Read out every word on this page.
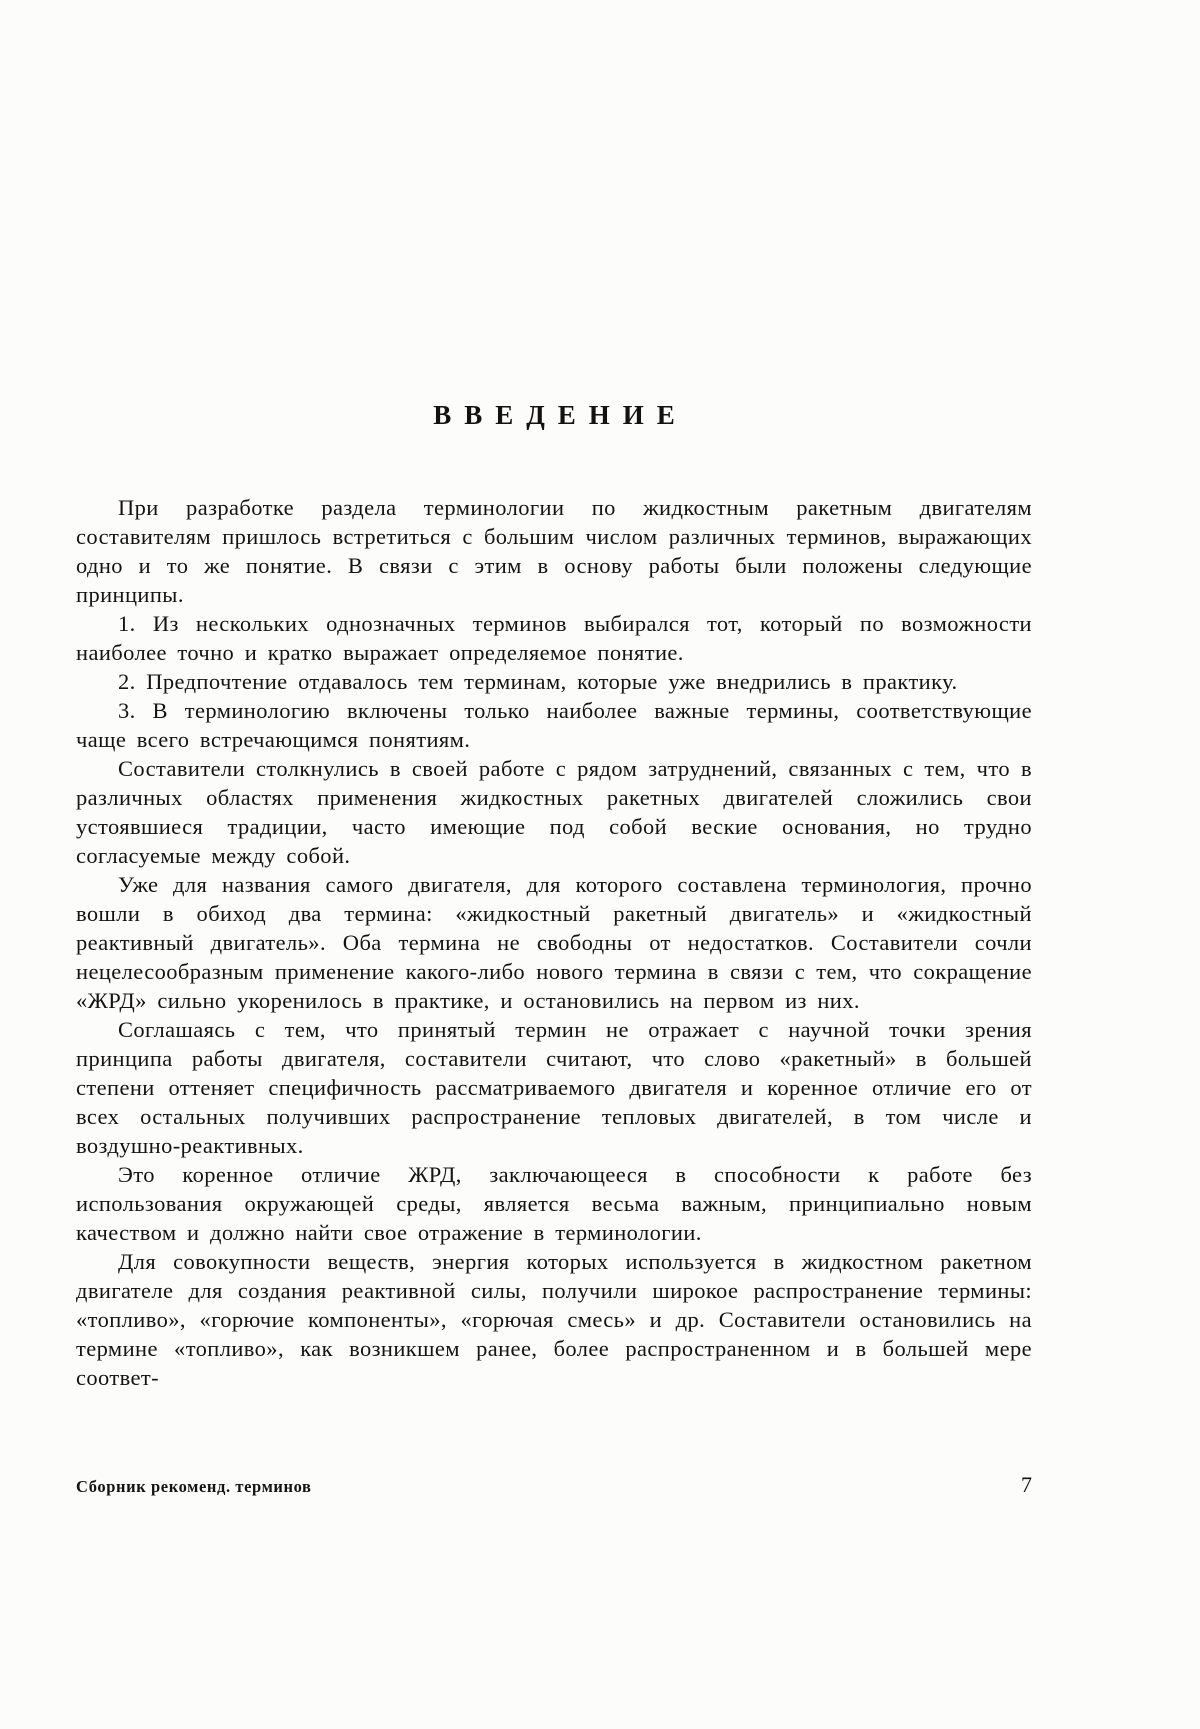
ВВЕДЕНИЕ

При разработке раздела терминологии по жидкостным ракетным двигателям составителям пришлось встретиться с большим числом различных терминов, выражающих одно и то же понятие. В связи с этим в основу работы были положены следующие принципы.

1. Из нескольких однозначных терминов выбирался тот, который по возможности наиболее точно и кратко выражает определяемое понятие.

2. Предпочтение отдавалось тем терминам, которые уже внедрились в практику.

3. В терминологию включены только наиболее важные термины, соответствующие чаще всего встречающимся понятиям.

Составители столкнулись в своей работе с рядом затруднений, связанных с тем, что в различных областях применения жидкостных ракетных двигателей сложились свои устоявшиеся традиции, часто имеющие под собой веские основания, но трудно согласуемые между собой.

Уже для названия самого двигателя, для которого составлена терминология, прочно вошли в обиход два термина: «жидкостный ракетный двигатель» и «жидкостный реактивный двигатель». Оба термина не свободны от недостатков. Составители сочли нецелесообразным применение какого-либо нового термина в связи с тем, что сокращение «ЖРД» сильно укоренилось в практике, и остановились на первом из них.

Соглашаясь с тем, что принятый термин не отражает с научной точки зрения принципа работы двигателя, составители считают, что слово «ракетный» в большей степени оттеняет специфичность рассматриваемого двигателя и коренное отличие его от всех остальных получивших распространение тепловых двигателей, в том числе и воздушно-реактивных.

Это коренное отличие ЖРД, заключающееся в способности к работе без использования окружающей среды, является весьма важным, принципиально новым качеством и должно найти свое отражение в терминологии.

Для совокупности веществ, энергия которых используется в жидкостном ракетном двигателе для создания реактивной силы, получили широкое распространение термины: «топливо», «горючие компоненты», «горючая смесь» и др. Составители остановились на термине «топливо», как возникшем ранее, более распространенном и в большей мере соответ-

Сборник рекоменд. терминов	7
